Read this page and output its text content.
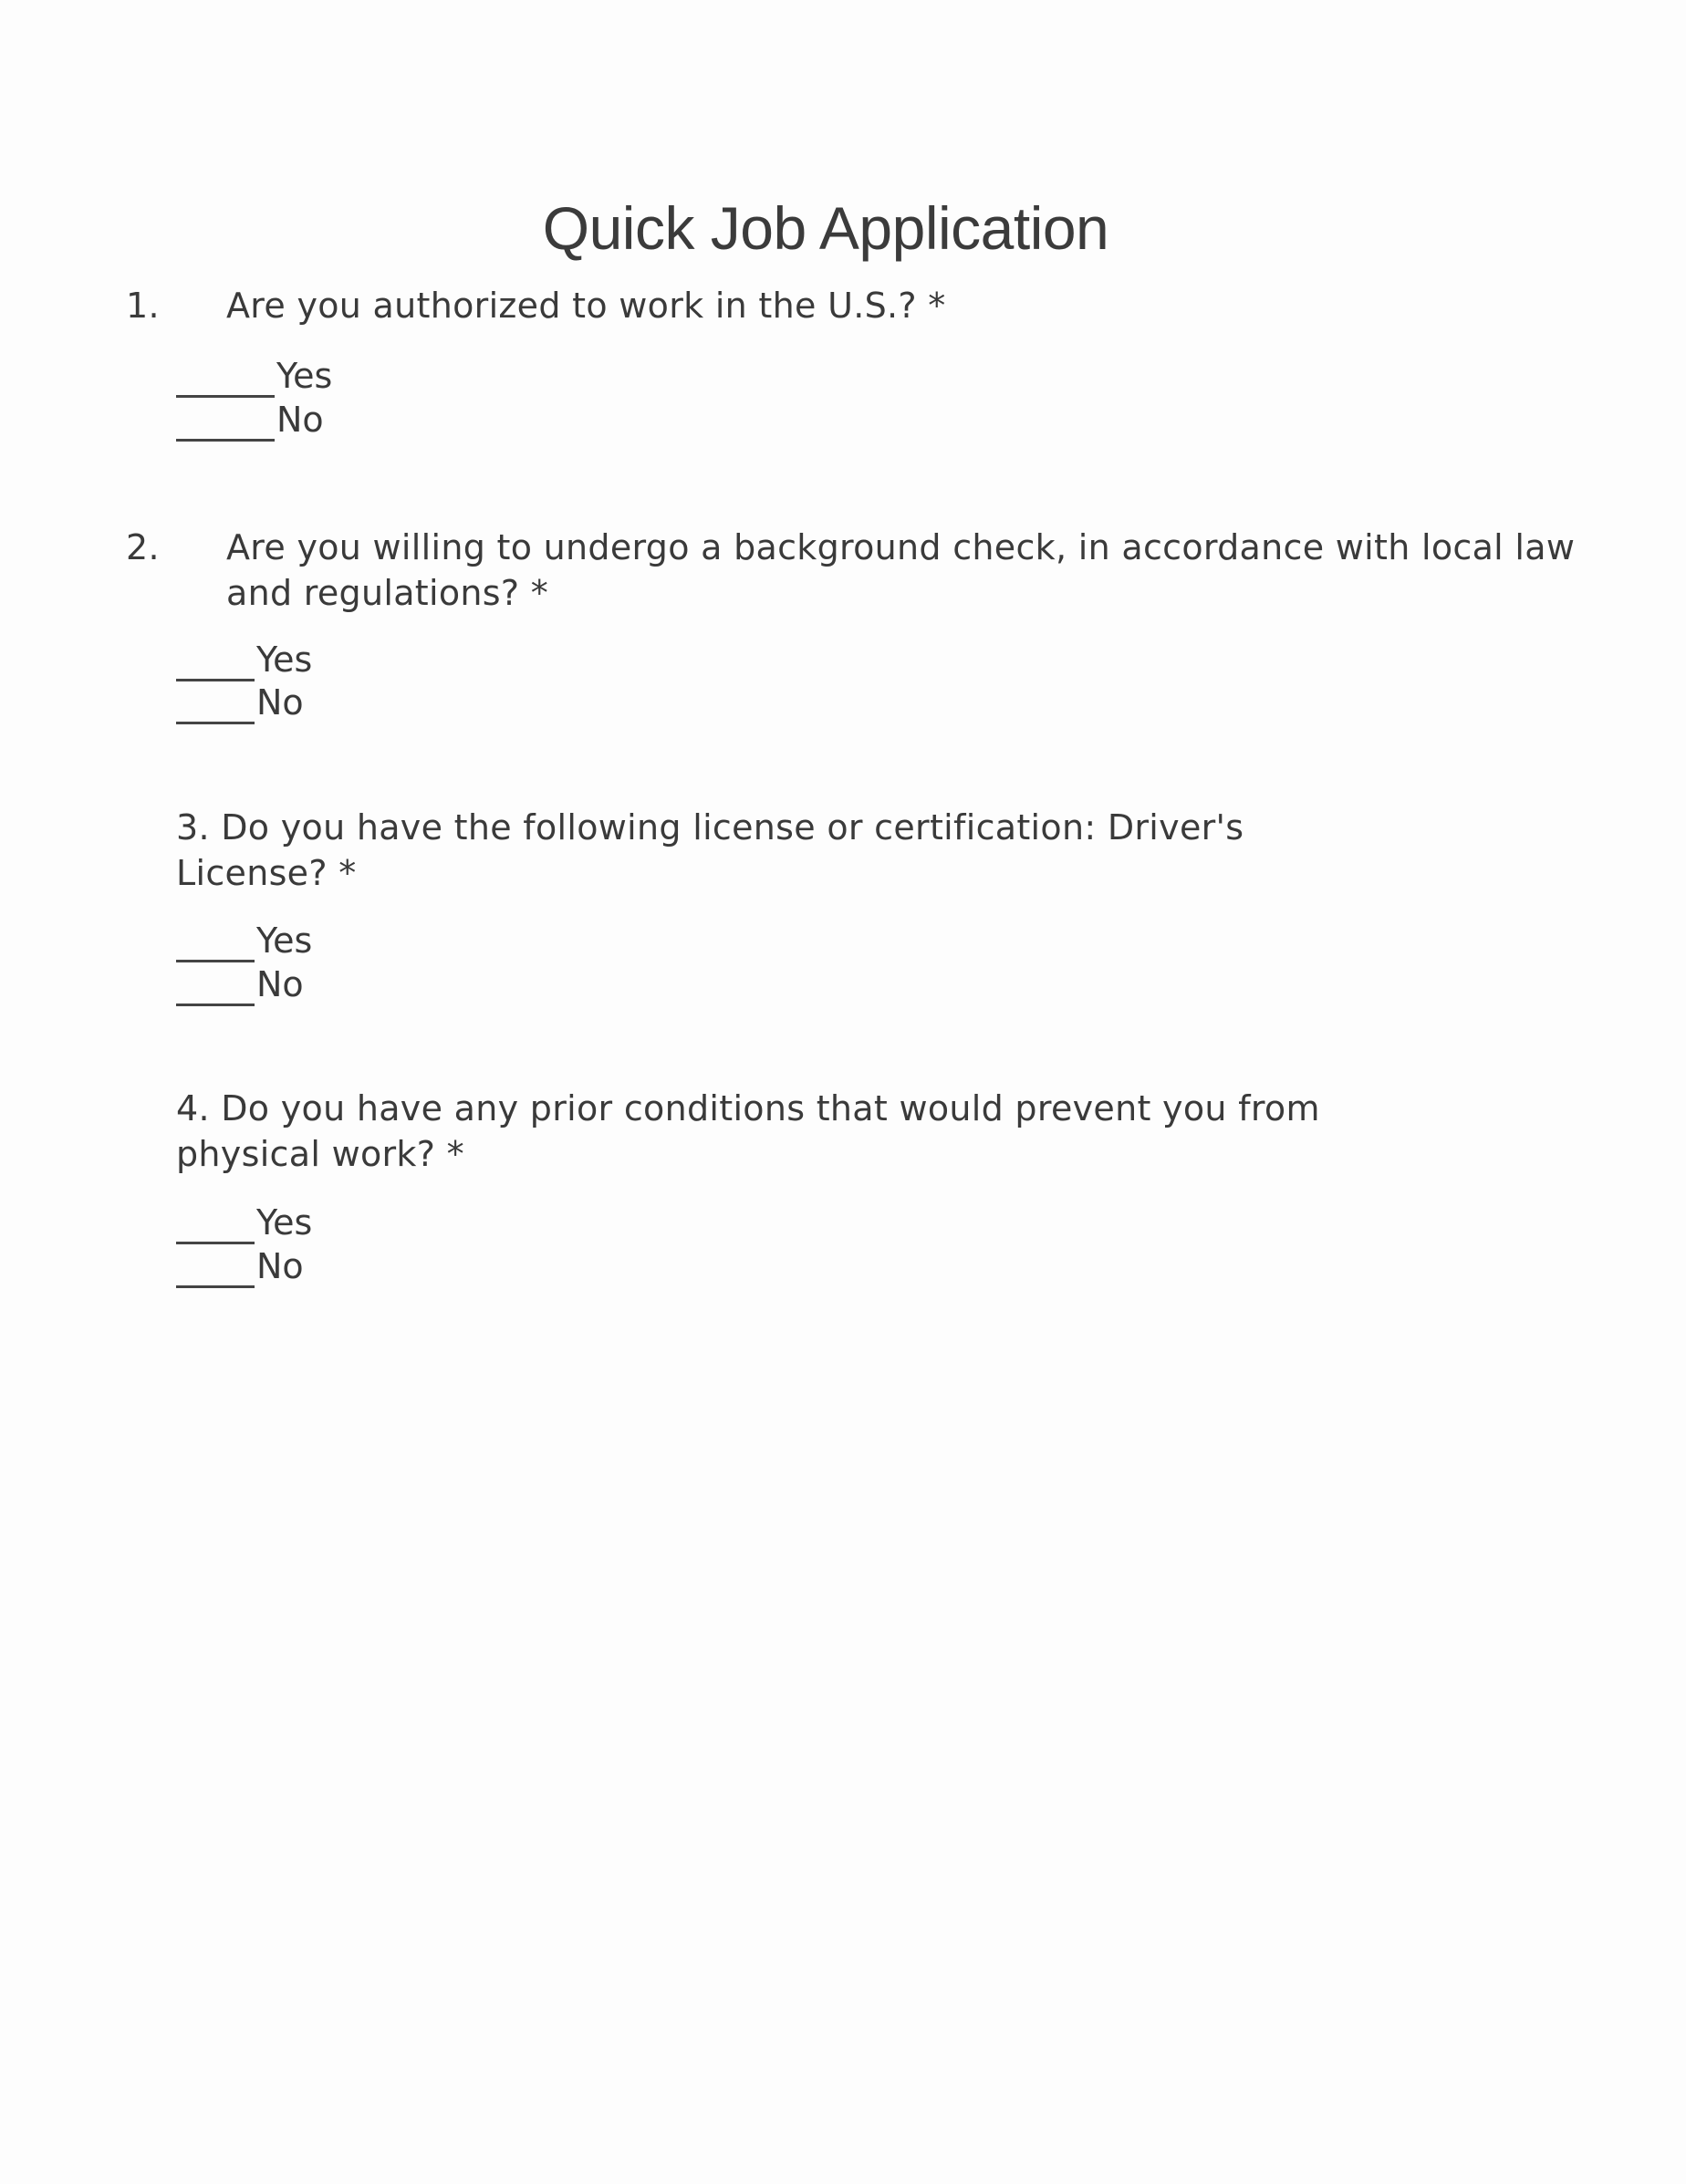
Quick Job Application

1. Are you authorized to work in the U.S.? *

Yes
No

2. Are you willing to undergo a background check, in accordance with local law and regulations? *

Yes
No

3. Do you have the following license or certification: Driver's License? *

Yes
No

4. Do you have any prior conditions that would prevent you from physical work? *

Yes
No
